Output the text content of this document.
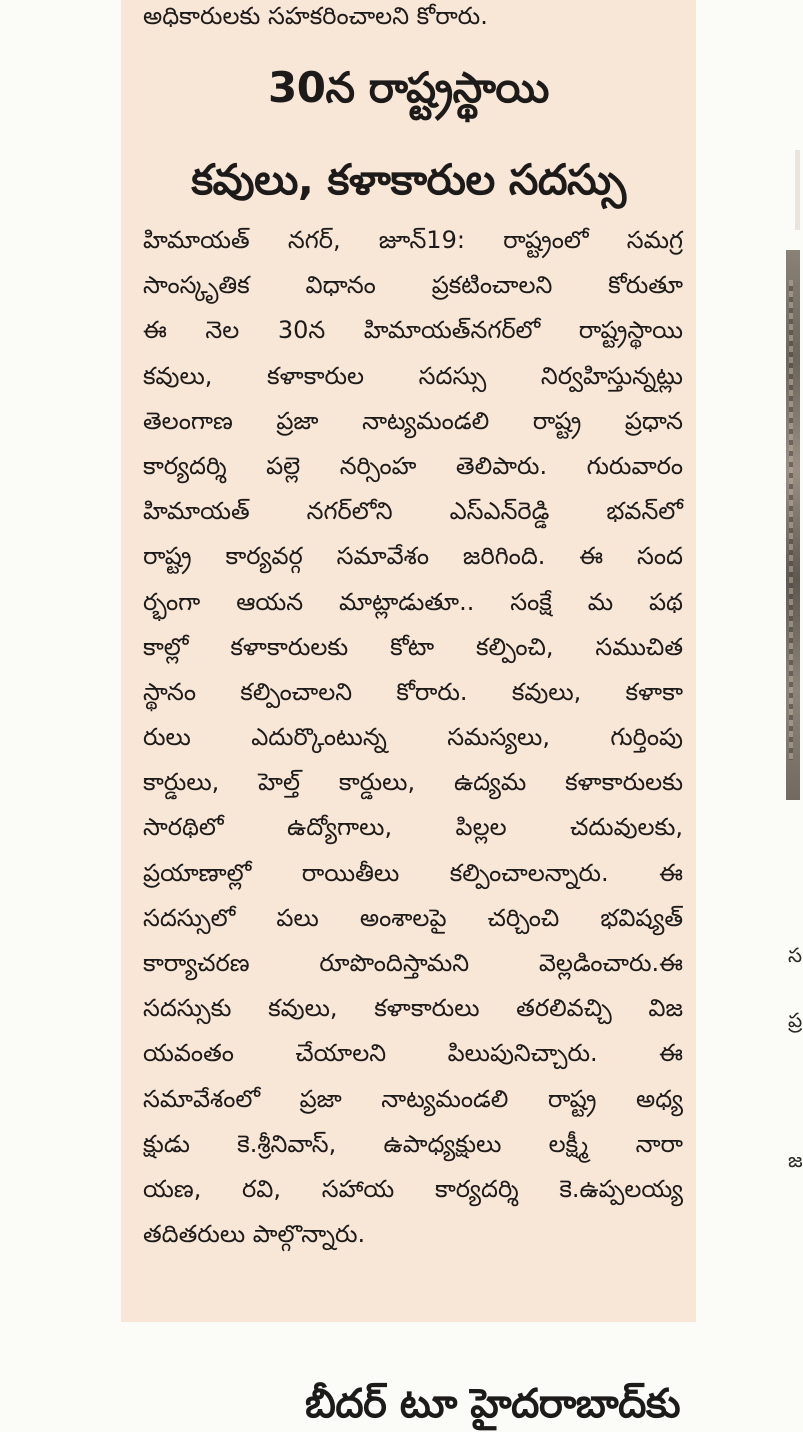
అధికారులకు సహకరించాలని కోరారు.
30న రాష్ట్రస్థాయి
కవులు, కళాకారుల సదస్సు
హిమాయత్ నగర్, జూన్19: రాష్ట్రంలో సమగ్ర
సాంస్కృతిక విధానం ప్రకటించాలని కోరుతూ
ఈ నెల 30న హిమాయత్‌నగర్‌లో రాష్ట్రస్థాయి
కవులు, కళాకారుల సదస్సు నిర్వహిస్తున్నట్లు
తెలంగాణ ప్రజా నాట్యమండలి రాష్ట్ర ప్రధాన
కార్యదర్శి పల్లె నర్సింహ తెలిపారు. గురువారం
హిమాయత్ నగర్‌లోని ఎస్ఎన్‌రెడ్డి భవన్‌లో
రాష్ట్ర కార్యవర్గ సమావేశం జరిగింది. ఈ సంద
ర్భంగా ఆయన మాట్లాడుతూ.. సంక్షే మ పథ
కాల్లో కళాకారులకు కోటా కల్పించి, సముచిత
స్థానం కల్పించాలని కోరారు. కవులు, కళాకా
రులు ఎదుర్కొంటున్న సమస్యలు, గుర్తింపు
కార్డులు, హెల్త్ కార్డులు, ఉద్యమ కళాకారులకు
సారథిలో ఉద్యోగాలు, పిల్లల చదువులకు,
ప్రయాణాల్లో రాయితీలు కల్పించాలన్నారు. ఈ
సదస్సులో పలు అంశాలపై చర్చించి భవిష్యత్
కార్యాచరణ రూపొందిస్తామని వెల్లడించారు.ఈ
సదస్సుకు కవులు, కళాకారులు తరలివచ్చి విజ
యవంతం చేయాలని పిలుపునిచ్చారు. ఈ
సమావేశంలో ప్రజా నాట్యమండలి రాష్ట్ర అధ్య
క్షుడు కె.శ్రీనివాస్, ఉపాధ్యక్షులు లక్ష్మీ నారా
యణ, రవి, సహాయ కార్యదర్శి కె.ఉప్పలయ్య
తదితరులు పాల్గొన్నారు.
స
ప్ర
జ
బీదర్ టూ హైదరాబాద్‌కు
